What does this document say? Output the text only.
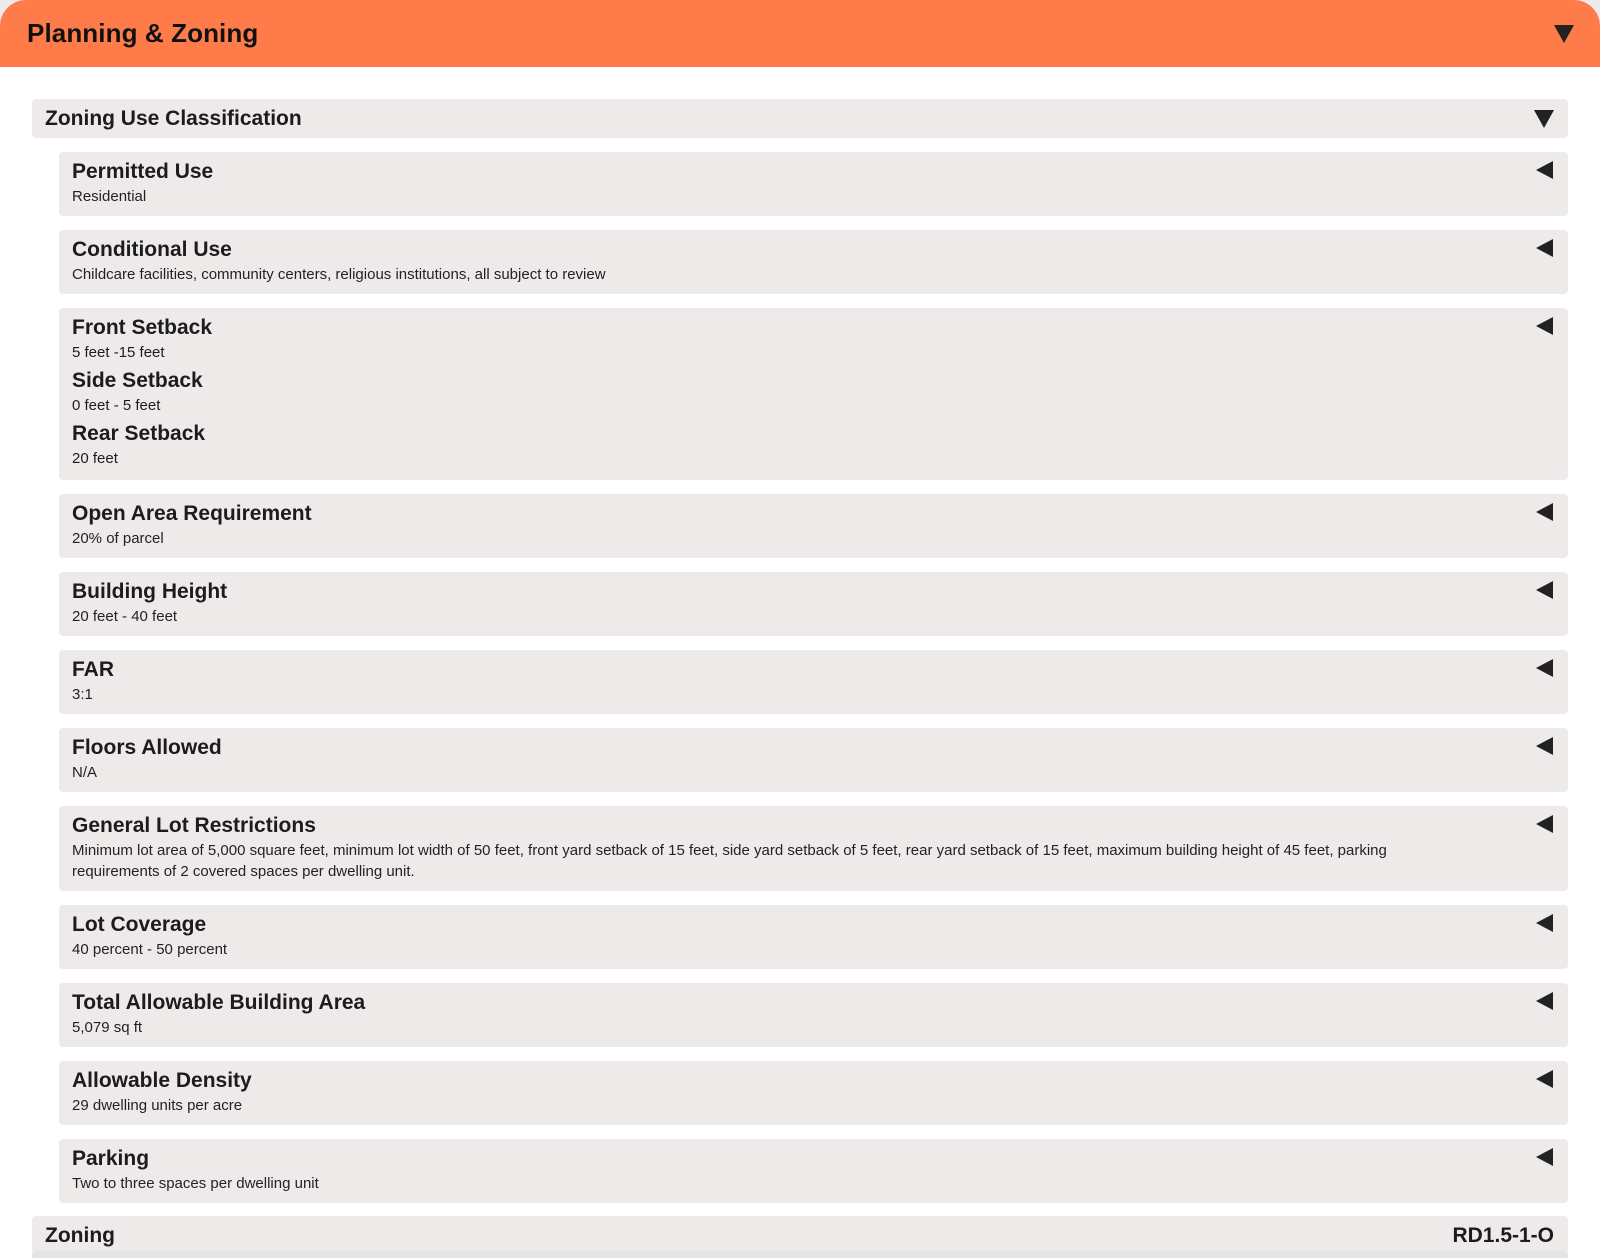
Planning & Zoning
Zoning Use Classification
Permitted Use
Residential
Conditional Use
Childcare facilities, community centers, religious institutions, all subject to review
Front Setback
5 feet -15 feet
Side Setback
0 feet - 5 feet
Rear Setback
20 feet
Open Area Requirement
20% of parcel
Building Height
20 feet - 40 feet
FAR
3:1
Floors Allowed
N/A
General Lot Restrictions
Minimum lot area of 5,000 square feet, minimum lot width of 50 feet, front yard setback of 15 feet, side yard setback of 5 feet, rear yard setback of 15 feet, maximum building height of 45 feet, parking requirements of 2 covered spaces per dwelling unit.
Lot Coverage
40 percent - 50 percent
Total Allowable Building Area
5,079 sq ft
Allowable Density
29 dwelling units per acre
Parking
Two to three spaces per dwelling unit
Zoning	RD1.5-1-O
